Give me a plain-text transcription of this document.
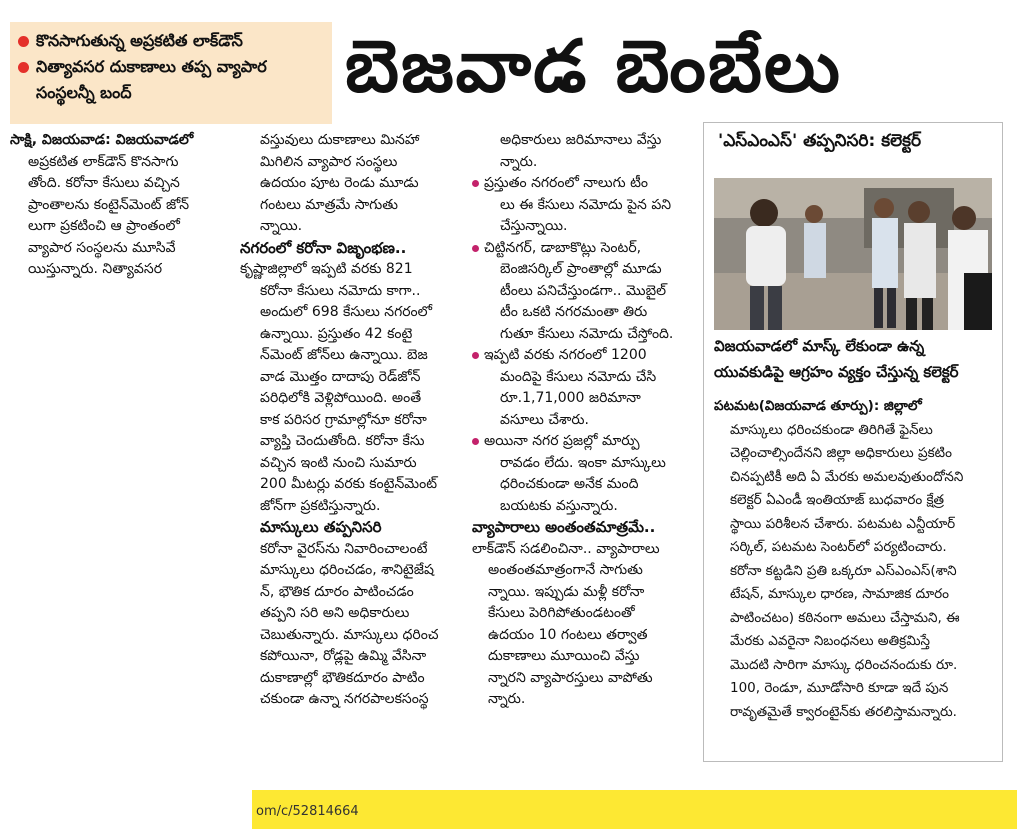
కొనసాగుతున్న అప్రకటిత లాక్‌డౌన్
నిత్యావసర దుకాణాలు తప్ప వ్యాపార
సంస్థలన్నీ బంద్	బెజవాడ బెంబేలు

సాక్షి, విజయవాడ: విజయవాడలో

అప్రకటిత లాక్‌డౌన్ కొనసాగు

తోంది. కరోనా కేసులు వచ్చిన

ప్రాంతాలను కంటైన్‌మెంట్ జోన్

లుగా ప్రకటించి ఆ ప్రాంతంలో

వ్యాపార సంస్థలను మూసివే

యిస్తున్నారు. నిత్యావసర

వస్తువులు దుకాణాలు మినహా

మిగిలిన వ్యాపార సంస్థలు

ఉదయం పూట రెండు మూడు

గంటలు మాత్రమే సాగుతు

న్నాయి.

నగరంలో కరోనా విజృంభణ..

కృష్ణాజిల్లాలో ఇప్పటి వరకు 821

కరోనా కేసులు నమోదు కాగా..

అందులో 698 కేసులు నగరంలో

ఉన్నాయి. ప్రస్తుతం 42 కంటై

న్‌మెంట్ జోన్‌లు ఉన్నాయి. బెజ

వాడ మొత్తం దాదాపు రెడ్‌జోన్

పరిధిలోకి వెళ్లిపోయింది. అంతే

కాక పరిసర గ్రామాల్లోనూ కరోనా

వ్యాప్తి చెందుతోంది. కరోనా కేసు

వచ్చిన ఇంటి నుంచి సుమారు

200 మీటర్లు వరకు కంటైన్‌మెంట్

జోన్‌గా ప్రకటిస్తున్నారు.

మాస్కులు తప్పనిసరి

కరోనా వైరస్‌ను నివారించాలంటే

మాస్కులు ధరించడం, శానిటైజేష

న్, భౌతిక దూరం పాటించడం

తప్పని సరి అని అధికారులు

చెబుతున్నారు. మాస్కులు ధరించ

కపోయినా, రోడ్లపై ఉమ్మి వేసినా

దుకాణాల్లో భౌతికదూరం పాటిం

చకుండా ఉన్నా నగరపాలకసంస్థ

అధికారులు జరిమానాలు వేస్తు

న్నారు.

ప్రస్తుతం నగరంలో నాలుగు టీం

లు ఈ కేసులు నమోదు పైన పని

చేస్తున్నాయి.

చిట్టినగర్, డాబాకొట్లు సెంటర్,

బెంజిసర్కిల్ ప్రాంతాల్లో మూడు

టీంలు పనిచేస్తుండగా.. మొబైల్

టీం ఒకటి నగరమంతా తిరు

గుతూ కేసులు నమోదు చేస్తోంది.

ఇప్పటి వరకు నగరంలో 1200

మందిపై కేసులు నమోదు చేసి

రూ.1,71,000 జరిమానా

వసూలు చేశారు.

అయినా నగర ప్రజల్లో మార్పు

రావడం లేదు. ఇంకా మాస్కులు

ధరించకుండా అనేక మంది

బయటకు వస్తున్నారు.

వ్యాపారాలు అంతంతమాత్రమే..

లాక్‌డౌన్ సడలించినా.. వ్యాపారాలు

అంతంతమాత్రంగానే సాగుతు

న్నాయి. ఇప్పుడు మళ్లీ కరోనా

కేసులు పెరిగిపోతుండటంతో

ఉదయం 10 గంటలు తర్వాత

దుకాణాలు మూయించి వేస్తు

న్నారని వ్యాపారస్తులు వాపోతు

న్నారు.

'ఎస్‌ఎంఎస్' తప్పనిసరి: కలెక్టర్
విజయవాడలో మాస్క్ లేకుండా ఉన్న
యువకుడిపై ఆగ్రహం వ్యక్తం చేస్తున్న కలెక్టర్

పటమట(విజయవాడ తూర్పు): జిల్లాలో

మాస్కులు ధరించకుండా తిరిగితే ఫైన్‌లు

చెల్లించాల్సిందేనని జిల్లా అధికారులు ప్రకటిం

చినప్పటికీ అది ఏ మేరకు అమలవుతుందోనని

కలెక్టర్ ఏఎండీ ఇంతియాజ్ బుధవారం క్షేత్ర

స్థాయి పరిశీలన చేశారు. పటమట ఎన్టీయార్

సర్కిల్, పటమట సెంటర్‌లో పర్యటించారు.

కరోనా కట్టడిని ప్రతి ఒక్కరూ ఎస్‌ఎంఎస్(శాని

టేషన్, మాస్కుల ధారణ, సామాజిక దూరం

పాటించటం) కఠినంగా అమలు చేస్తామని, ఈ

మేరకు ఎవరైనా నిబంధనలు అతిక్రమిస్తే

మొదటి సారిగా మాస్కు ధరించనందుకు రూ.

100, రెండూ, మూడోసారి కూడా ఇదే పున

రావృతమైతే క్వారంటైన్‌కు తరలిస్తామన్నారు.

om/c/52814664
